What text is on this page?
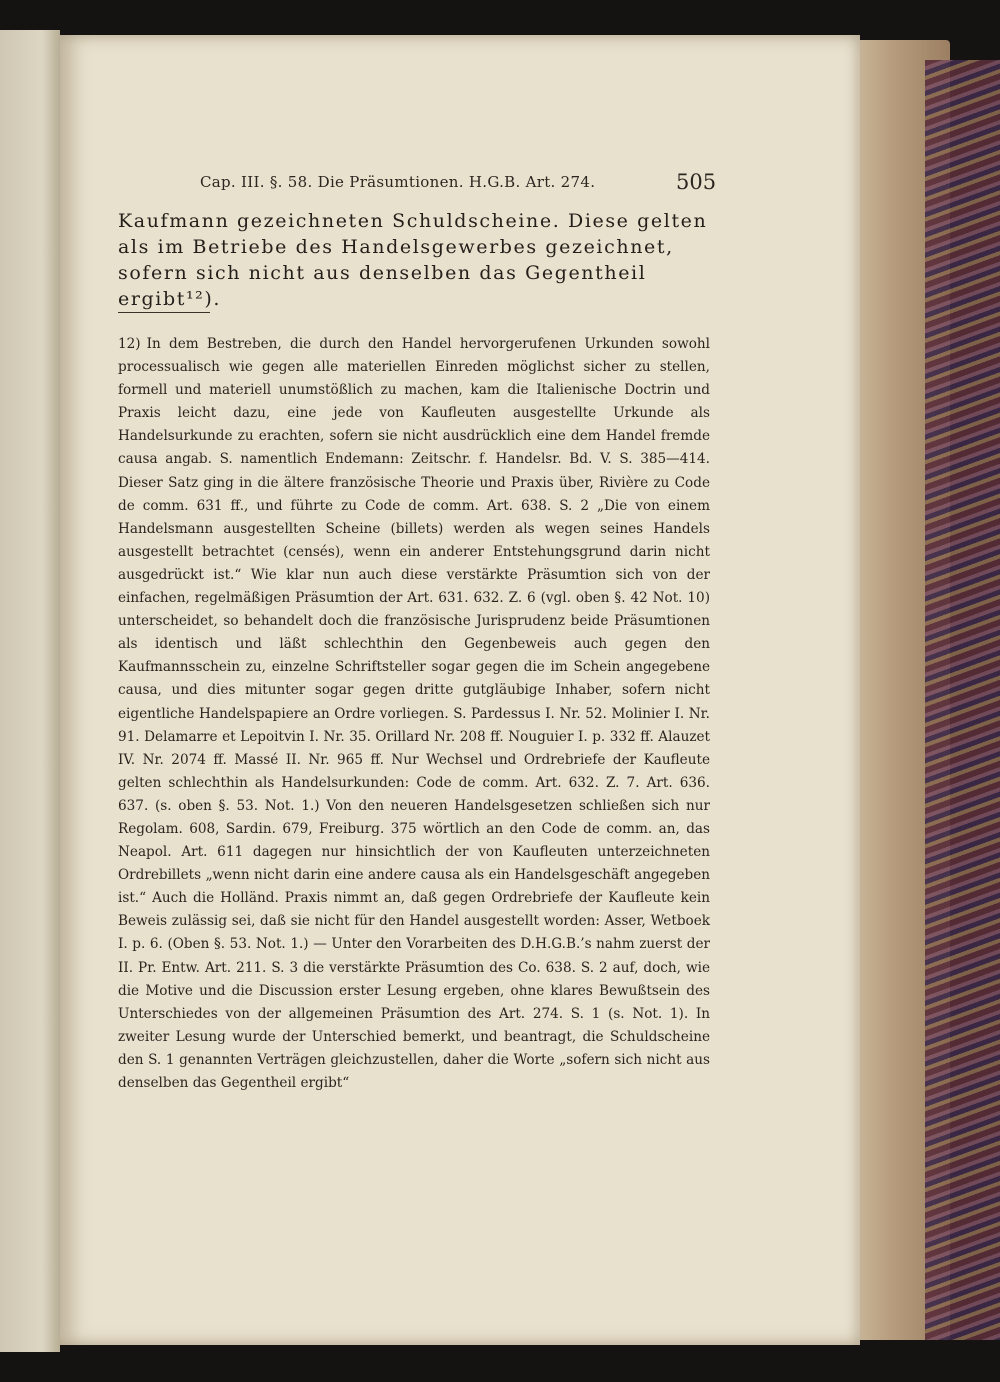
Cap. III. §. 58. Die Präsumtionen. H.G.B. Art. 274.	505

Kaufmann gezeichneten Schuldscheine. Diese gelten als im Betriebe des Handelsgewerbes gezeichnet, sofern sich nicht aus denselben das Gegentheil ergibt¹²).

12) In dem Bestreben, die durch den Handel hervorgerufenen Urkunden sowohl processualisch wie gegen alle materiellen Einreden möglichst sicher zu stellen, formell und materiell unumstößlich zu machen, kam die Italienische Doctrin und Praxis leicht dazu, eine jede von Kaufleuten ausgestellte Urkunde als Handelsurkunde zu erachten, sofern sie nicht ausdrücklich eine dem Handel fremde causa angab. S. namentlich Endemann: Zeitschr. f. Handelsr. Bd. V. S. 385—414. Dieser Satz ging in die ältere französische Theorie und Praxis über, Rivière zu Code de comm. 631 ff., und führte zu Code de comm. Art. 638. S. 2 „Die von einem Handelsmann ausgestellten Scheine (billets) werden als wegen seines Handels ausgestellt betrachtet (censés), wenn ein anderer Entstehungsgrund darin nicht ausgedrückt ist.“ Wie klar nun auch diese verstärkte Präsumtion sich von der einfachen, regelmäßigen Präsumtion der Art. 631. 632. Z. 6 (vgl. oben §. 42 Not. 10) unterscheidet, so behandelt doch die französische Jurisprudenz beide Präsumtionen als identisch und läßt schlechthin den Gegenbeweis auch gegen den Kaufmannsschein zu, einzelne Schriftsteller sogar gegen die im Schein angegebene causa, und dies mitunter sogar gegen dritte gutgläubige Inhaber, sofern nicht eigentliche Handelspapiere an Ordre vorliegen. S. Pardessus I. Nr. 52. Molinier I. Nr. 91. Delamarre et Lepoitvin I. Nr. 35. Orillard Nr. 208 ff. Nouguier I. p. 332 ff. Alauzet IV. Nr. 2074 ff. Massé II. Nr. 965 ff. Nur Wechsel und Ordrebriefe der Kaufleute gelten schlechthin als Handelsurkunden: Code de comm. Art. 632. Z. 7. Art. 636. 637. (s. oben §. 53. Not. 1.) Von den neueren Handelsgesetzen schließen sich nur Regolam. 608, Sardin. 679, Freiburg. 375 wörtlich an den Code de comm. an, das Neapol. Art. 611 dagegen nur hinsichtlich der von Kaufleuten unterzeichneten Ordrebillets „wenn nicht darin eine andere causa als ein Handelsgeschäft angegeben ist.“ Auch die Holländ. Praxis nimmt an, daß gegen Ordrebriefe der Kaufleute kein Beweis zulässig sei, daß sie nicht für den Handel ausgestellt worden: Asser, Wetboek I. p. 6. (Oben §. 53. Not. 1.) — Unter den Vorarbeiten des D.H.G.B.’s nahm zuerst der II. Pr. Entw. Art. 211. S. 3 die verstärkte Präsumtion des Co. 638. S. 2 auf, doch, wie die Motive und die Discussion erster Lesung ergeben, ohne klares Bewußtsein des Unterschiedes von der allgemeinen Präsumtion des Art. 274. S. 1 (s. Not. 1). In zweiter Lesung wurde der Unterschied bemerkt, und beantragt, die Schuldscheine den S. 1 genannten Verträgen gleichzustellen, daher die Worte „sofern sich nicht aus denselben das Gegentheil ergibt“
